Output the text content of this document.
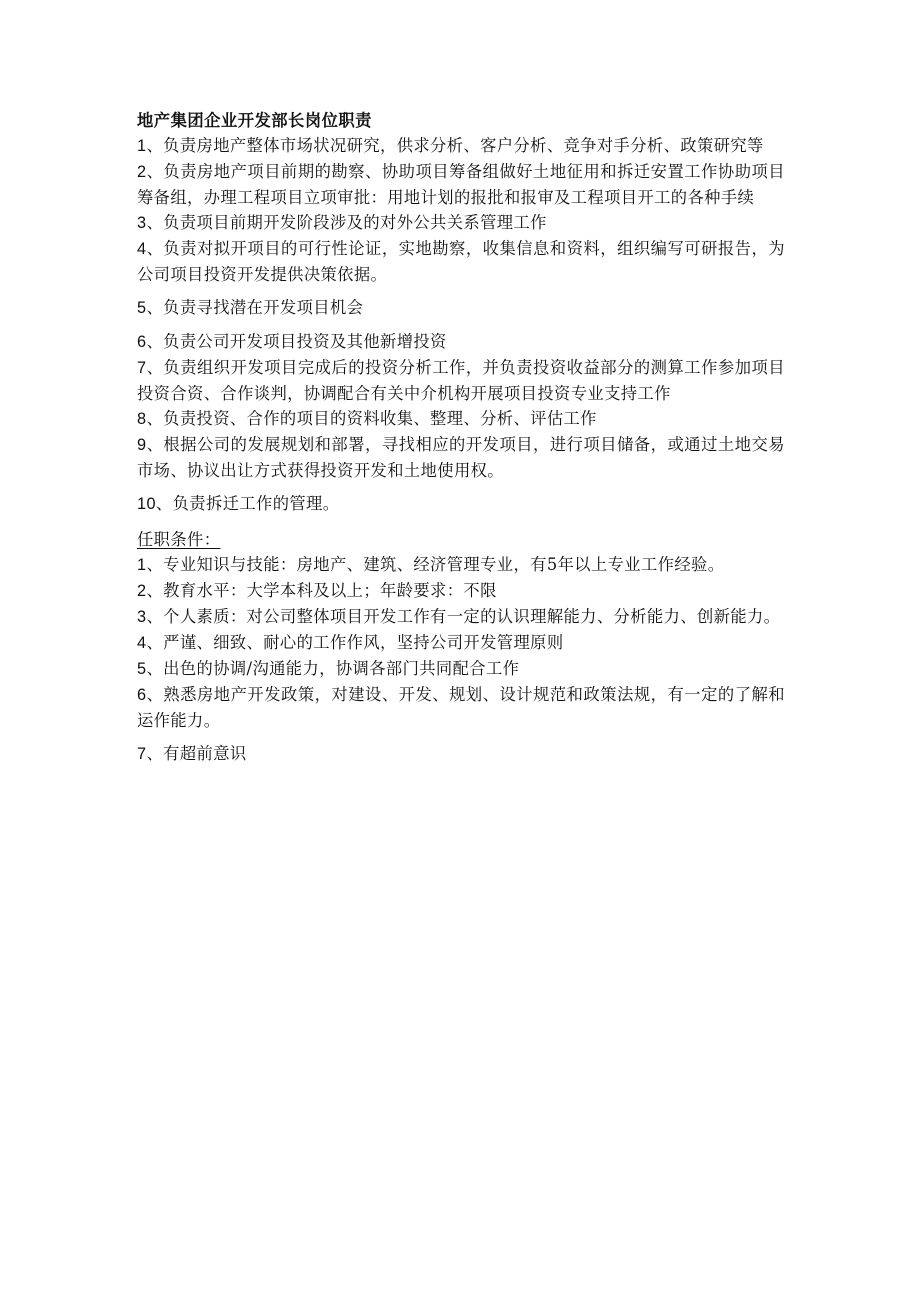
地产集团企业开发部长岗位职责
1、负责房地产整体市场状况研究，供求分析、客户分析、竞争对手分析、政策研究等
2、负责房地产项目前期的勘察、协助项目筹备组做好土地征用和拆迁安置工作协助项目筹备组，办理工程项目立项审批：用地计划的报批和报审及工程项目开工的各种手续
3、负责项目前期开发阶段涉及的对外公共关系管理工作
4、负责对拟开项目的可行性论证，实地勘察，收集信息和资料，组织编写可研报告，为公司项目投资开发提供决策依据。
5、负责寻找潜在开发项目机会
6、负责公司开发项目投资及其他新增投资
7、负责组织开发项目完成后的投资分析工作，并负责投资收益部分的测算工作参加项目投资合资、合作谈判，协调配合有关中介机构开展项目投资专业支持工作
8、负责投资、合作的项目的资料收集、整理、分析、评估工作
9、根据公司的发展规划和部署，寻找相应的开发项目，进行项目储备，或通过土地交易市场、协议出让方式获得投资开发和土地使用权。
10、负责拆迁工作的管理。
任职条件：
1、专业知识与技能：房地产、建筑、经济管理专业，有5年以上专业工作经验。
2、教育水平：大学本科及以上；年龄要求：不限
3、个人素质：对公司整体项目开发工作有一定的认识理解能力、分析能力、创新能力。
4、严谨、细致、耐心的工作作风，坚持公司开发管理原则
5、出色的协调/沟通能力，协调各部门共同配合工作
6、熟悉房地产开发政策，对建设、开发、规划、设计规范和政策法规，有一定的了解和运作能力。
7、有超前意识
